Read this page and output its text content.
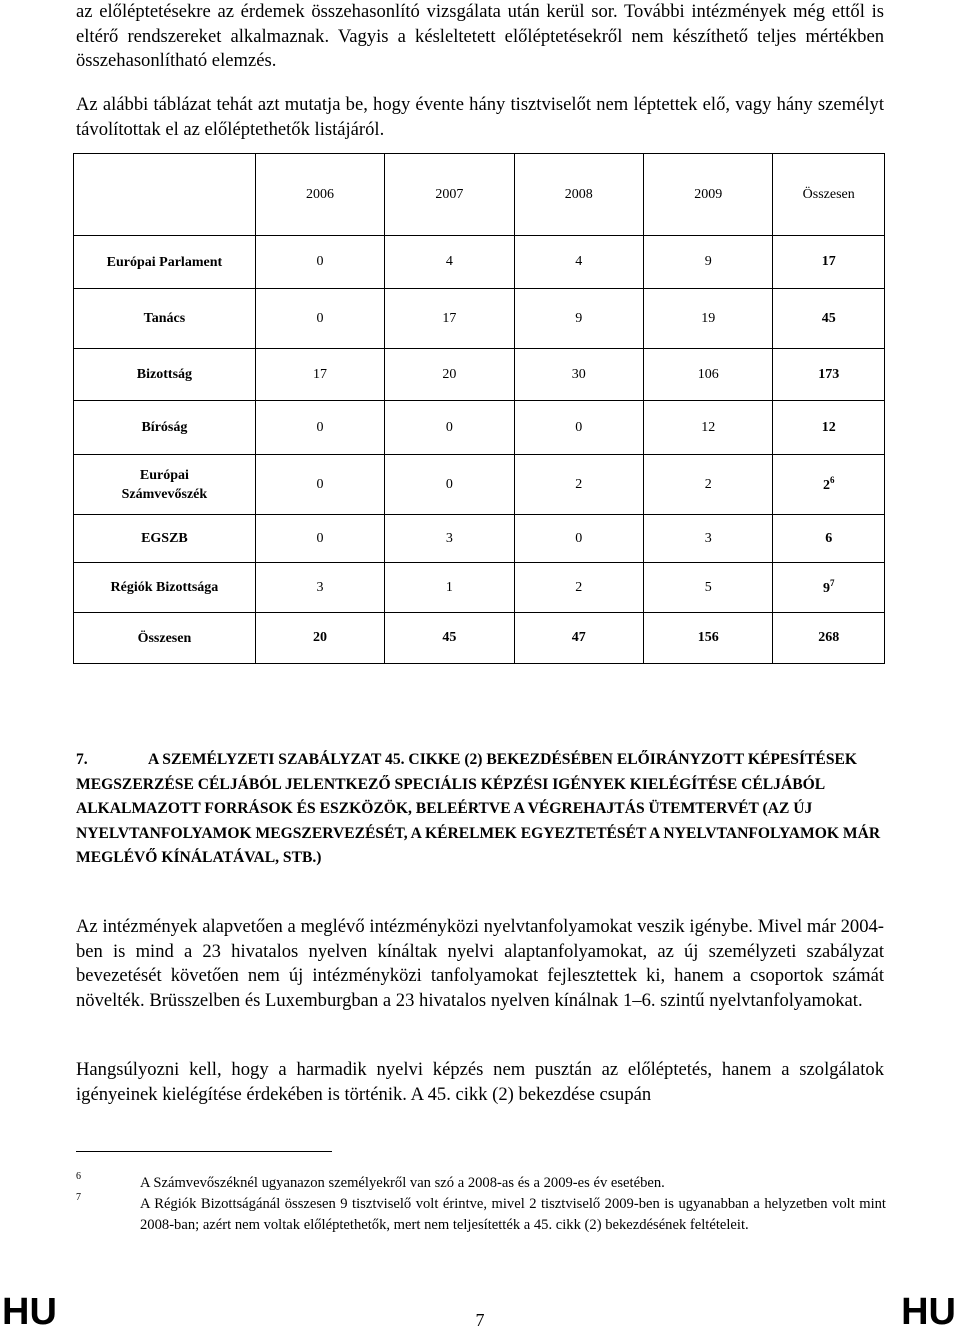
az előléptetésekre az érdemek összehasonlító vizsgálata után kerül sor. További intézmények még ettől is eltérő rendszereket alkalmaznak. Vagyis a késleltetett előléptetésekről nem készíthető teljes mértékben összehasonlítható elemzés.

Az alábbi táblázat tehát azt mutatja be, hogy évente hány tisztviselőt nem léptettek elő, vagy hány személyt távolítottak el az előléptethetők listájáról.

	2006	2007	2008	2009	Összesen
Európai Parlament	0	4	4	9	17
Tanács	0	17	9	19	45
Bizottság	17	20	30	106	173
Bíróság	0	0	0	12	12
Európai Számvevőszék	0	0	2	2	$2^6$
EGSZB	0	3	0	3	6
Régiók Bizottsága	3	1	2	5	$9^7$
Összesen	20	45	47	156	268

7.	A SZEMÉLYZETI SZABÁLYZAT 45. CIKKE (2) BEKEZDÉSÉBEN ELŐIRÁNYZOTT KÉPESÍTÉSEK MEGSZERZÉSE CÉLJÁBÓL JELENTKEZŐ SPECIÁLIS KÉPZÉSI IGÉNYEK KIELÉGÍTÉSE CÉLJÁBÓL ALKALMAZOTT FORRÁSOK ÉS ESZKÖZÖK, BELEÉRTVE A VÉGREHAJTÁS ÜTEMTERVÉT (AZ ÚJ NYELVTANFOLYAMOK MEGSZERVEZÉSÉT, A KÉRELMEK EGYEZTETÉSÉT A NYELVTANFOLYAMOK MÁR MEGLÉVŐ KÍNÁLATÁVAL, STB.)

Az intézmények alapvetően a meglévő intézményközi nyelvtanfolyamokat veszik igénybe. Mivel már 2004-ben is mind a 23 hivatalos nyelven kínáltak nyelvi alaptanfolyamokat, az új személyzeti szabályzat bevezetését követően nem új intézményközi tanfolyamokat fejlesztettek ki, hanem a csoportok számát növelték. Brüsszelben és Luxemburgban a 23 hivatalos nyelven kínálnak 1–6. szintű nyelvtanfolyamokat.

Hangsúlyozni kell, hogy a harmadik nyelvi képzés nem pusztán az előléptetés, hanem a szolgálatok igényeinek kielégítése érdekében is történik. A 45. cikk (2) bekezdése csupán

6	A Számvevőszéknél ugyanazon személyekről van szó a 2008-as és a 2009-es év esetében.

7	A Régiók Bizottságánál összesen 9 tisztviselő volt érintve, mivel 2 tisztviselő 2009-ben is ugyanabban a helyzetben volt mint 2008-ban; azért nem voltak előléptethetők, mert nem teljesítették a 45. cikk (2) bekezdésének feltételeit.

HU	7	HU
